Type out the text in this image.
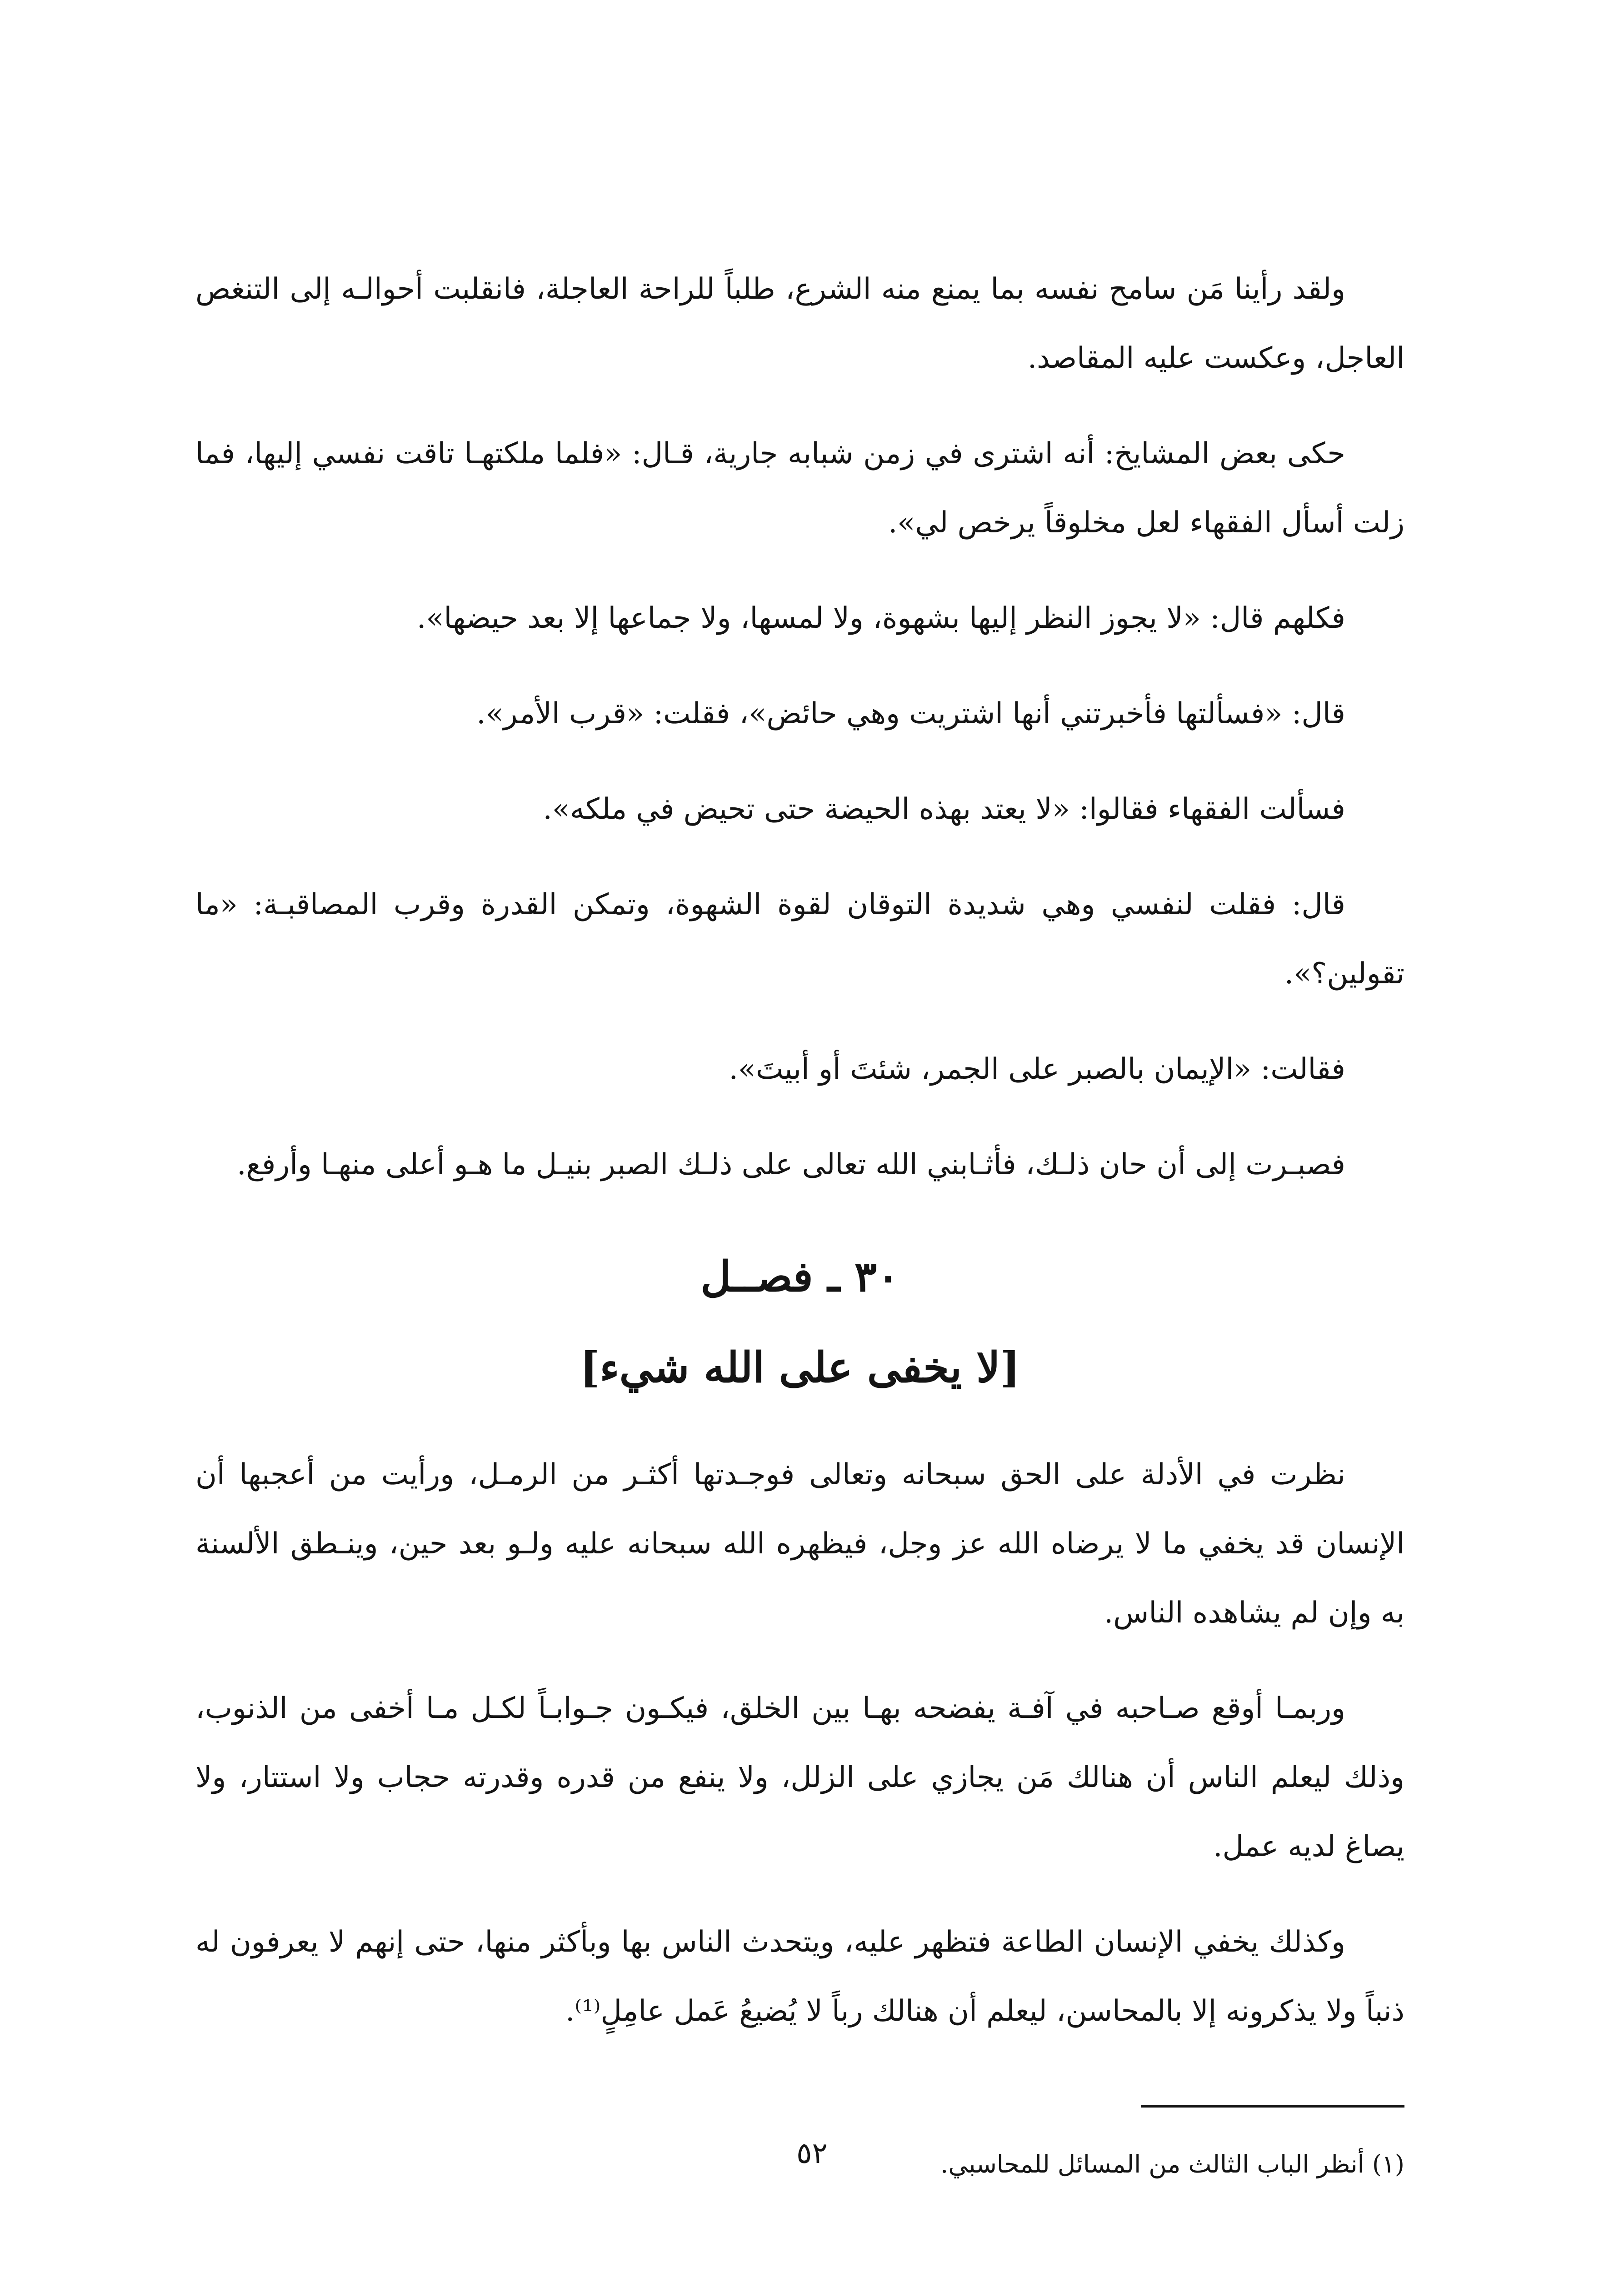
ولقد رأينا مَن سامح نفسه بما يمنع منه الشرع، طلباً للراحة العاجلة، فانقلبت أحوالـه إلى التنغص العاجل، وعكست عليه المقاصد.

حكى بعض المشايخ: أنه اشترى في زمن شبابه جارية، قـال: «فلما ملكتهـا تاقت نفسي إليها، فما زلت أسأل الفقهاء لعل مخلوقاً يرخص لي».

فكلهم قال: «لا يجوز النظر إليها بشهوة، ولا لمسها، ولا جماعها إلا بعد حيضها».

قال: «فسألتها فأخبرتني أنها اشتريت وهي حائض»، فقلت: «قرب الأمر».

فسألت الفقهاء فقالوا: «لا يعتد بهذه الحيضة حتى تحيض في ملكه».

قال: فقلت لنفسي وهي شديدة التوقان لقوة الشهوة، وتمكن القدرة وقرب المصاقبـة: «ما تقولين؟».

فقالت: «الإيمان بالصبر على الجمر، شئتَ أو أبيتَ».

فصبـرت إلى أن حان ذلـك، فأثـابني الله تعالى على ذلـك الصبر بنيـل ما هـو أعلى منهـا وأرفع.

٣٠ ـ فصــل
[لا يخفى على الله شيء]

نظرت في الأدلة على الحق سبحانه وتعالى فوجـدتها أكثـر من الرمـل، ورأيت من أعجبها أن الإنسان قد يخفي ما لا يرضاه الله عز وجل، فيظهره الله سبحانه عليه ولـو بعد حين، وينـطق الألسنة به وإن لم يشاهده الناس.

وربمـا أوقع صـاحبه في آفـة يفضحه بهـا بين الخلق، فيكـون جـوابـاً لكـل مـا أخفى من الذنوب، وذلك ليعلم الناس أن هنالك مَن يجازي على الزلل، ولا ينفع من قدره وقدرته حجاب ولا استتار، ولا يصاغ لديه عمل.

وكذلك يخفي الإنسان الطاعة فتظهر عليه، ويتحدث الناس بها وبأكثر منها، حتى إنهم لا يعرفون له ذنباً ولا يذكرونه إلا بالمحاسن، ليعلم أن هنالك رباً لا يُضيعُ عَمل عامِلٍ⁽¹⁾.

(١) أنظر الباب الثالث من المسائل للمحاسبي.

٥٢
